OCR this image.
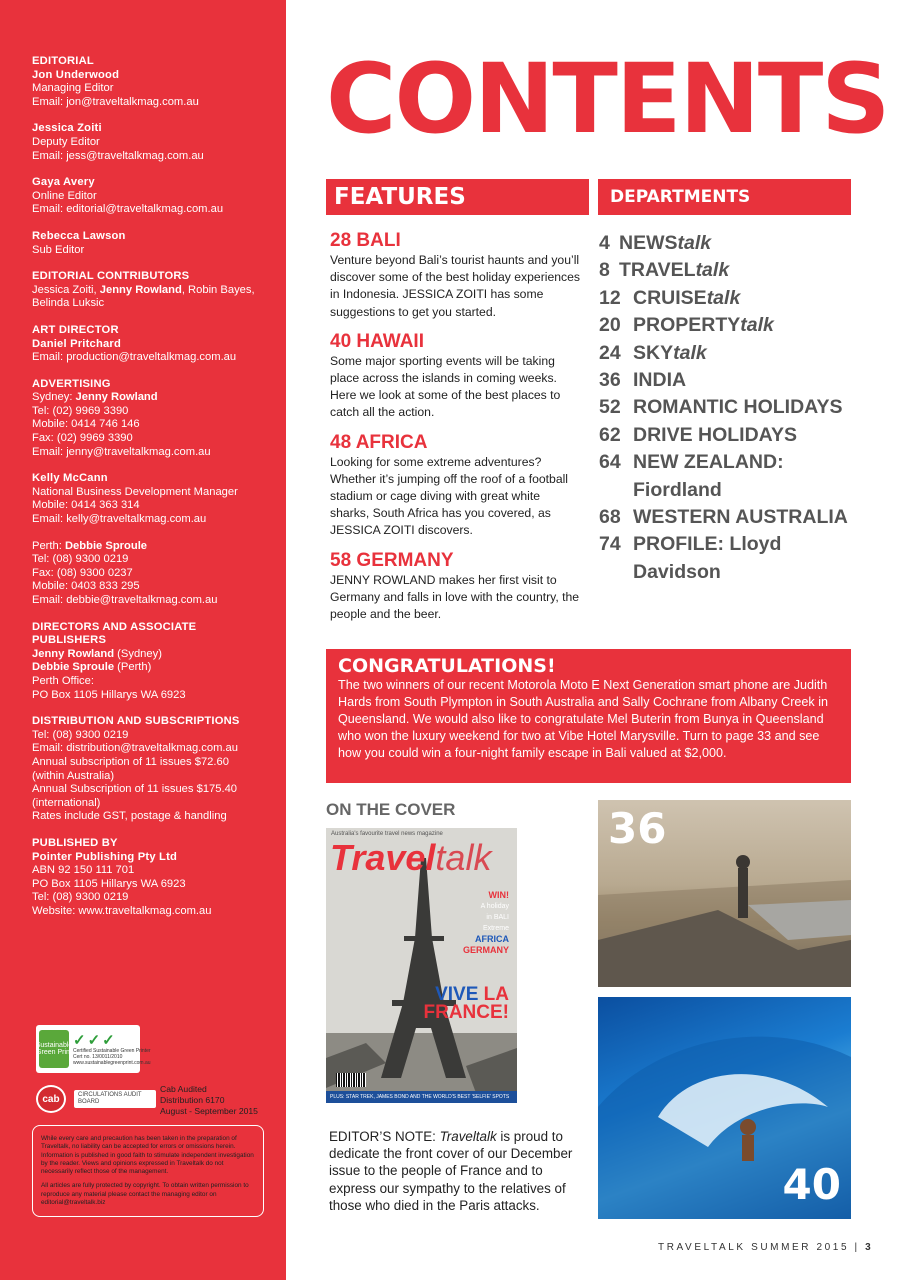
EDITORIAL
Jon Underwood
Managing Editor
Email: jon@traveltalkmag.com.au
Jessica Zoiti
Deputy Editor
Email: jess@traveltalkmag.com.au
Gaya Avery
Online Editor
Email: editorial@traveltalkmag.com.au
Rebecca Lawson
Sub Editor
EDITORIAL CONTRIBUTORS
Jessica Zoiti, Jenny Rowland, Robin Bayes,
Belinda Luksic
ART DIRECTOR
Daniel Pritchard
Email: production@traveltalkmag.com.au
ADVERTISING
Sydney: Jenny Rowland
Tel: (02) 9969 3390
Mobile: 0414 746 146
Fax: (02) 9969 3390
Email: jenny@traveltalkmag.com.au
Kelly McCann
National Business Development Manager
Mobile: 0414 363 314
Email: kelly@traveltalkmag.com.au
Perth: Debbie Sproule
Tel: (08) 9300 0219
Fax: (08) 9300 0237
Mobile: 0403 833 295
Email: debbie@traveltalkmag.com.au
DIRECTORS AND ASSOCIATE PUBLISHERS
Jenny Rowland (Sydney)
Debbie Sproule (Perth)
Perth Office:
PO Box 1105 Hillarys WA 6923
DISTRIBUTION AND SUBSCRIPTIONS
Tel: (08) 9300 0219
Email: distribution@traveltalkmag.com.au
Annual subscription of 11 issues $72.60
(within Australia)
Annual Subscription of 11 issues $175.40
(international)
Rates include GST, postage & handling
PUBLISHED BY
Pointer Publishing Pty Ltd
ABN 92 150 111 701
PO Box 1105 Hillarys WA 6923
Tel: (08) 9300 0219
Website: www.traveltalkmag.com.au
Sustainable Green Print
✓✓✓
Certified Sustainable Green Printer
Cert no. 13/0011/2010
www.sustainablegreenprint.com.au
cab	CIRCULATIONS AUDIT BOARD
Cab Audited
Distribution 6170
August - September 2015

While every care and precaution has been taken in the preparation of Traveltalk, no liability can be accepted for errors or omissions herein. Information is published in good faith to stimulate independent investigation by the reader. Views and opinions expressed in Traveltalk do not necessarily reflect those of the management.

All articles are fully protected by copyright. To obtain written permission to reproduce any material please contact the managing editor on editorial@traveltalk.biz

CONTENTS
FEATURES	DEPARTMENTS
28 BALI
Venture beyond Bali’s tourist haunts and you’ll discover some of the best holiday experiences in Indonesia. JESSICA ZOITI has some suggestions to get you started.
40 HAWAII
Some major sporting events will be taking place across the islands in coming weeks. Here we look at some of the best places to catch all the action.
48 AFRICA
Looking for some extreme adventures? Whether it’s jumping off the roof of a football stadium or cage diving with great white sharks, South Africa has you covered, as JESSICA ZOITI discovers.
58 GERMANY
JENNY ROWLAND makes her first visit to Germany and falls in love with the country, the people and the beer.
4 NEWStalk
8 TRAVELtalk
12 CRUISEtalk
20 PROPERTYtalk
24 SKYtalk
36 INDIA
52 ROMANTIC HOLIDAYS
62 DRIVE HOLIDAYS
64 NEW ZEALAND: Fiordland
68 WESTERN AUSTRALIA
74 PROFILE: Lloyd Davidson
CONGRATULATIONS!
The two winners of our recent Motorola Moto E Next Generation smart phone are Judith Hards from South Plympton in South Australia and Sally Cochrane from Albany Creek in Queensland. We would also like to congratulate Mel Buterin from Bunya in Queensland who won the luxury weekend for two at Vibe Hotel Marysville. Turn to page 33 and see how you could win a four-night family escape in Bali valued at $2,000.
ON THE COVER
Australia's favourite travel news magazine
Traveltalk
WIN!
A holiday
in BALI
Extreme
AFRICA
GERMANY
VIVE LA
FRANCE!
PLUS: STAR TREK, JAMES BOND AND THE WORLD'S BEST 'SELFIE' SPOTS
36
40
EDITOR’S NOTE: Traveltalk is proud to dedicate the front cover of our December issue to the people of France and to express our sympathy to the relatives of those who died in the Paris attacks.
TRAVELTALK SUMMER 2015 | 3
